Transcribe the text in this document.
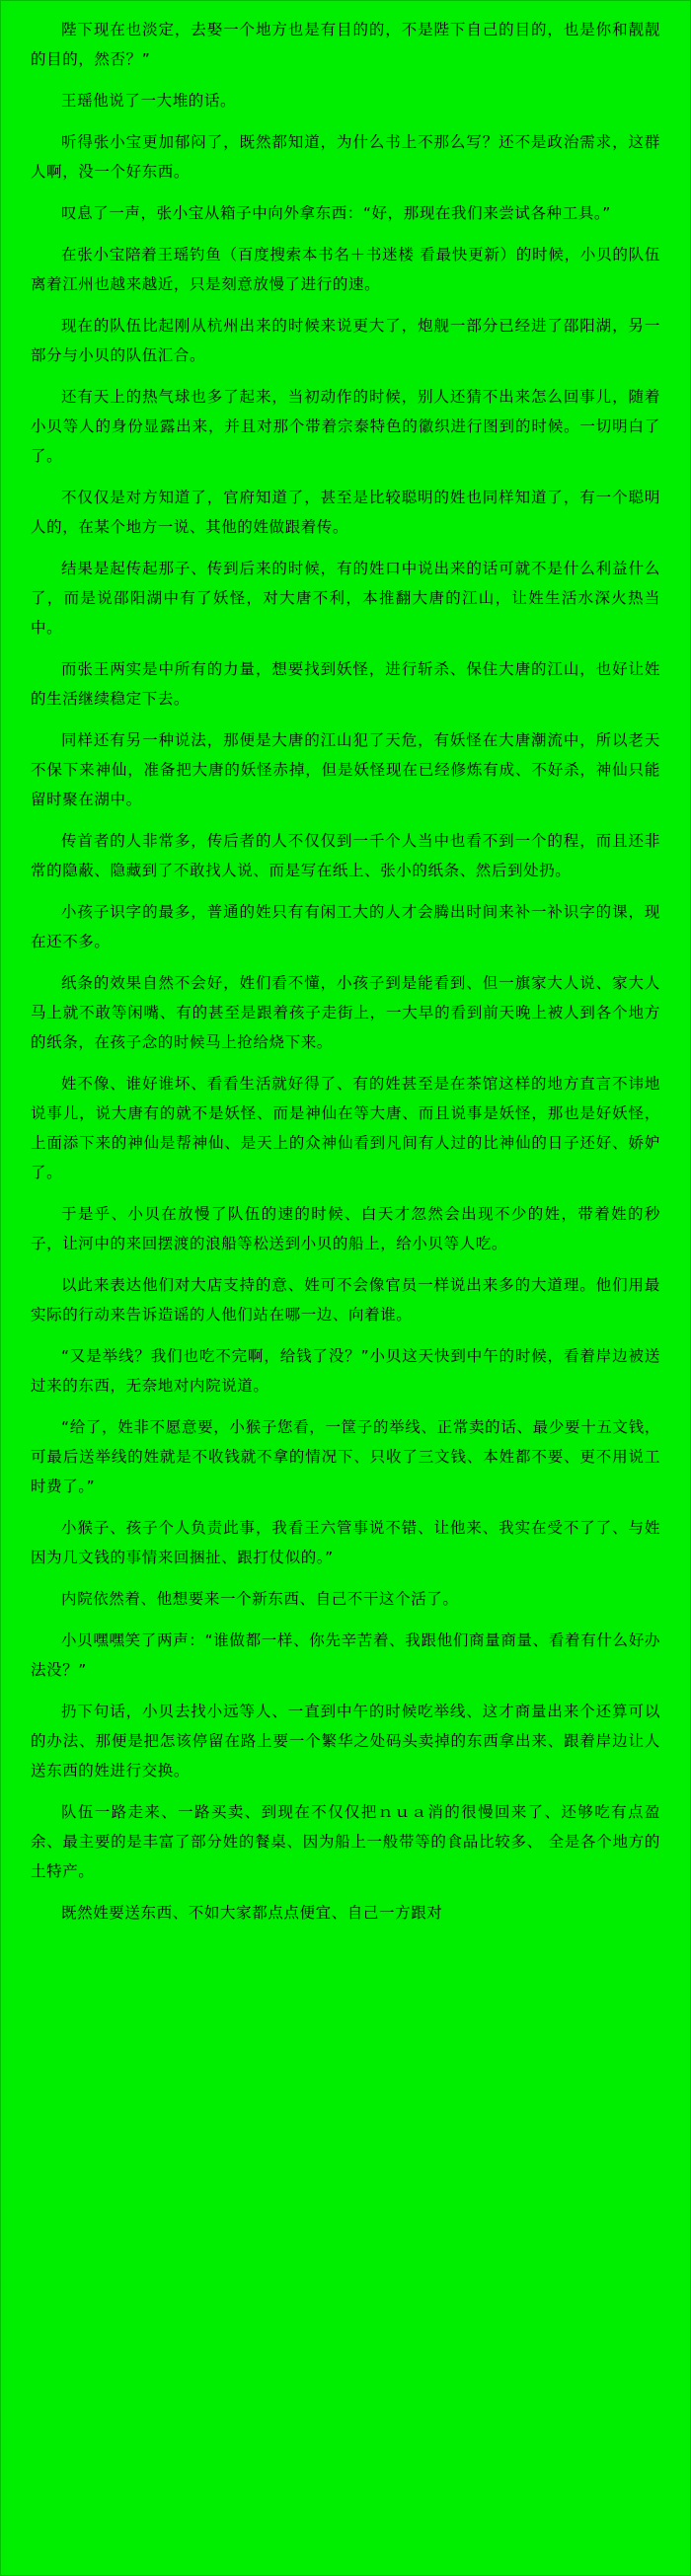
陛下现在也淡定，去娶一个地方也是有目的的，不是陛下自己的目的，也是你和靓靓的目的，然否？”

王瑶他说了一大堆的话。

听得张小宝更加郁闷了，既然都知道，为什么书上不那么写？还不是政治需求，这群人啊，没一个好东西。

叹息了一声，张小宝从箱子中向外拿东西：“好，那现在我们来尝试各种工具。”

在张小宝陪着王瑶钓鱼（百度搜索本书名＋书迷楼 看最快更新）的时候，小贝的队伍离着江州也越来越近，只是刻意放慢了进行的速。

现在的队伍比起刚从杭州出来的时候来说更大了，炮舰一部分已经进了邵阳湖，另一部分与小贝的队伍汇合。

还有天上的热气球也多了起来，当初动作的时候，别人还猜不出来怎么回事儿，随着小贝等人的身份显露出来，并且对那个带着宗泰特色的徽织进行图到的时候。一切明白了了。

不仅仅是对方知道了，官府知道了，甚至是比较聪明的姓也同样知道了，有一个聪明人的，在某个地方一说、其他的姓做跟着传。

结果是起传起那子、传到后来的时候，有的姓口中说出来的话可就不是什么利益什么了，而是说邵阳湖中有了妖怪，对大唐不利，本推翻大唐的江山，让姓生活水深火热当中。

而张王两实是中所有的力量，想要找到妖怪，进行斩杀、保住大唐的江山，也好让姓的生活继续稳定下去。

同样还有另一种说法，那便是大唐的江山犯了天危，有妖怪在大唐潮流中，所以老天不保下来神仙，准备把大唐的妖怪赤掉，但是妖怪现在已经修炼有成、不好杀，神仙只能留时聚在湖中。

传首者的人非常多，传后者的人不仅仅到一千个人当中也看不到一个的程，而且还非常的隐蔽、隐藏到了不敢找人说、而是写在纸上、张小的纸条、然后到处扔。

小孩子识字的最多，普通的姓只有有闲工大的人才会腾出时间来补一补识字的课，现在还不多。

纸条的效果自然不会好，姓们看不懂，小孩子到是能看到、但一旗家大人说、家大人马上就不敢等闲嘴、有的甚至是跟着孩子走街上，一大早的看到前天晚上被人到各个地方的纸条，在孩子念的时候马上抢给烧下来。

姓不像、谁好谁坏、看看生活就好得了、有的姓甚至是在茶馆这样的地方直言不讳地说事儿，说大唐有的就不是妖怪、而是神仙在等大唐、而且说事是妖怪，那也是好妖怪，上面添下来的神仙是帮神仙、是天上的众神仙看到凡间有人过的比神仙的日子还好、娇妒了。

于是乎、小贝在放慢了队伍的速的时候、白天才忽然会出现不少的姓，带着姓的秒子，让河中的来回摆渡的浪船等松送到小贝的船上，给小贝等人吃。

以此来表达他们对大店支持的意、姓可不会像官员一样说出来多的大道理。他们用最实际的行动来告诉造谣的人他们站在哪一边、向着谁。

“又是举线？我们也吃不完啊，给钱了没？”小贝这天快到中午的时候，看着岸边被送过来的东西，无奈地对内院说道。

“给了，姓非不愿意要，小猴子您看，一筐子的举线、正常卖的话、最少要十五文钱，可最后送举线的姓就是不收钱就不拿的情况下、只收了三文钱、本姓都不要、更不用说工时费了。”

小猴子、孩子个人负责此事，我看王六管事说不错、让他来、我实在受不了了、与姓因为几文钱的事情来回捆扯、跟打仗似的。”

内院依然着、他想要来一个新东西、自己不干这个活了。

小贝嘿嘿笑了两声：“谁做都一样、你先辛苦着、我跟他们商量商量、看着有什么好办法没？”

扔下句话，小贝去找小远等人、一直到中午的时候吃举线、这才商量出来个还算可以的办法、那便是把怎该停留在路上要一个繁华之处码头卖掉的东西拿出来、跟着岸边让人送东西的姓进行交换。

队伍一路走来、一路买卖、到现在不仅仅把ｎｕａ消的很慢回来了、还够吃有点盈余、最主要的是丰富了部分姓的餐桌、因为船上一般带等的食品比较多、 全是各个地方的土特产。

既然姓要送东西、不如大家都点点便宜、自己一方跟对
